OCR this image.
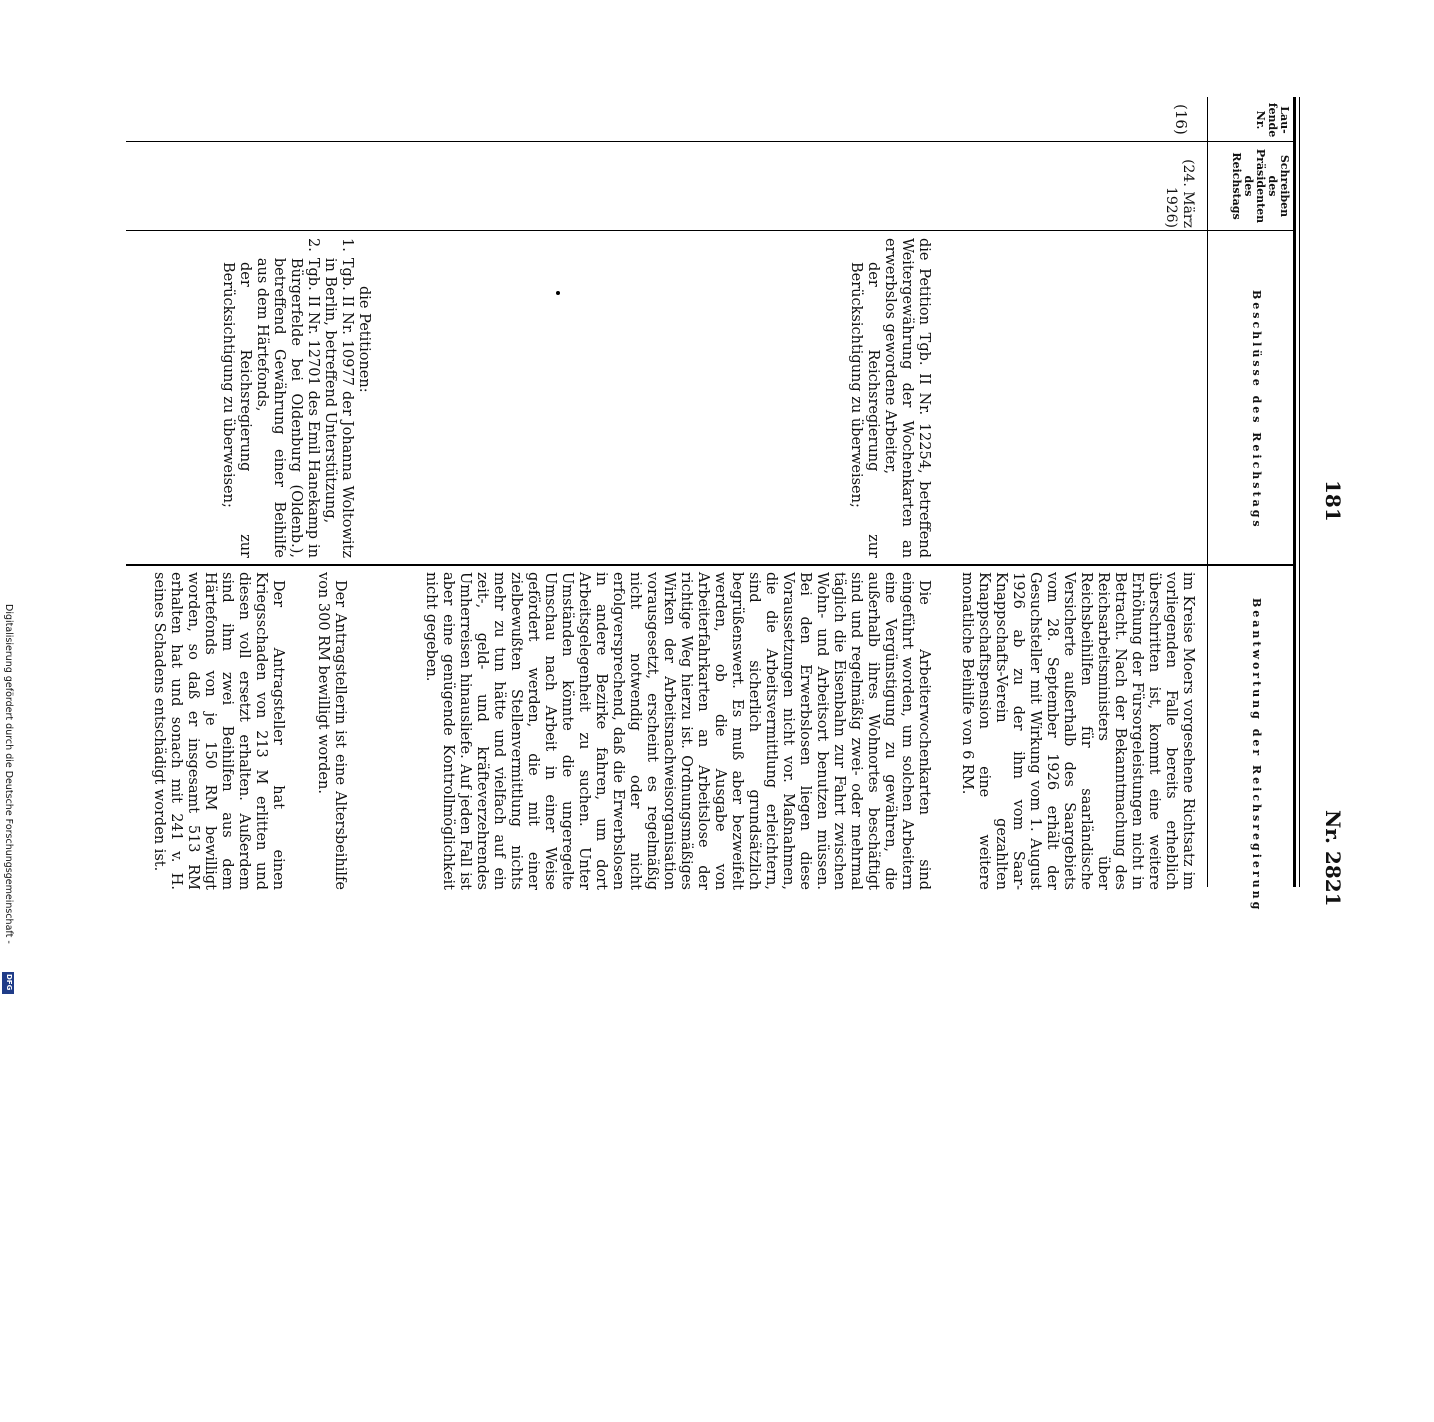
181
Nr. 2821
Lau-fende Nr.
Schreiben des Präsidenten des Reichstags
Beschlüsse des Reichstags
Beantwortung der Reichsregierung
(16)
(24. März 1926)
die Petition Tgb. II Nr. 12254, betreffend Weitergewährung der Wochenkarten an erwerbslos gewordene Arbeiter,
der Reichsregierung zur Berücksichtigung zu überweisen;
die Petitionen:
1.
Tgb. II Nr. 10977 der Johanna Woltowitz in Berlin, betreffend Unterstützung,
2.
Tgb. II Nr. 12701 des Emil Hanekamp in Bürgerfelde bei Oldenburg (Oldenb.), betreffend Gewährung einer Beihilfe aus dem Härtefonds,
der Reichsregierung zur Berücksichtigung zu überweisen;
im Kreise Moers vorgesehene Richtsatz im vorliegenden Falle bereits erheblich überschritten ist, kommt eine weitere Erhöhung der Fürsorgeleistungen nicht in Betracht. Nach der Bekanntmachung des Reichsarbeitsministers über Reichsbeihilfen für saarländische Versicherte außerhalb des Saargebiets vom 28. September 1926 erhält der Gesuchsteller mit Wirkung vom 1. August 1926 ab zu der ihm vom Saar-Knappschafts-Verein gezahlten Knappschaftspension eine weitere monatliche Beihilfe von 6 RM.
Die Arbeiterwochenkarten sind eingeführt worden, um solchen Arbeitern eine Vergünstigung zu gewähren, die außerhalb ihres Wohnortes beschäftigt sind und regelmäßig zwei- oder mehrmal täglich die Eisenbahn zur Fahrt zwischen Wohn- und Arbeitsort benutzen müssen. Bei den Erwerbslosen liegen diese Voraussetzungen nicht vor. Maßnahmen, die die Arbeitsvermittlung erleichtern, sind sicherlich grundsätzlich begrüßenswert. Es muß aber bezweifelt werden, ob die Ausgabe von Arbeiterfahrkarten an Arbeitslose der richtige Weg hierzu ist. Ordnungsmäßiges Wirken der Arbeitsnachweisorganisation vorausgesetzt, erscheint es regelmäßig nicht notwendig oder nicht erfolgversprechend, daß die Erwerbslosen in andere Bezirke fahren, um dort Arbeitsgelegenheit zu suchen. Unter Umständen könnte die ungeregelte Umschau nach Arbeit in einer Weise gefördert werden, die mit einer zielbewußten Stellenvermittlung nichts mehr zu tun hätte und vielfach auf ein zeit-, geld- und kräfteverzehrendes Umherreisen hinausliefe. Auf jeden Fall ist aber eine genügende Kontrollmöglichkeit nicht gegeben.
Der Antragstellerin ist eine Altersbeihilfe von 300 RM bewilligt worden.
Der Antragsteller hat einen Kriegsschaden von 213 M erlitten und diesen voll ersetzt erhalten. Außerdem sind ihm zwei Beihilfen aus dem Härtefonds von je 150 RM bewilligt worden, so daß er insgesamt 513 RM erhalten hat und sonach mit 241 v. H. seines Schadens entschädigt worden ist.
Digitalisierung gefördert durch die Deutsche Forschungsgemeinschaft -
DFG
